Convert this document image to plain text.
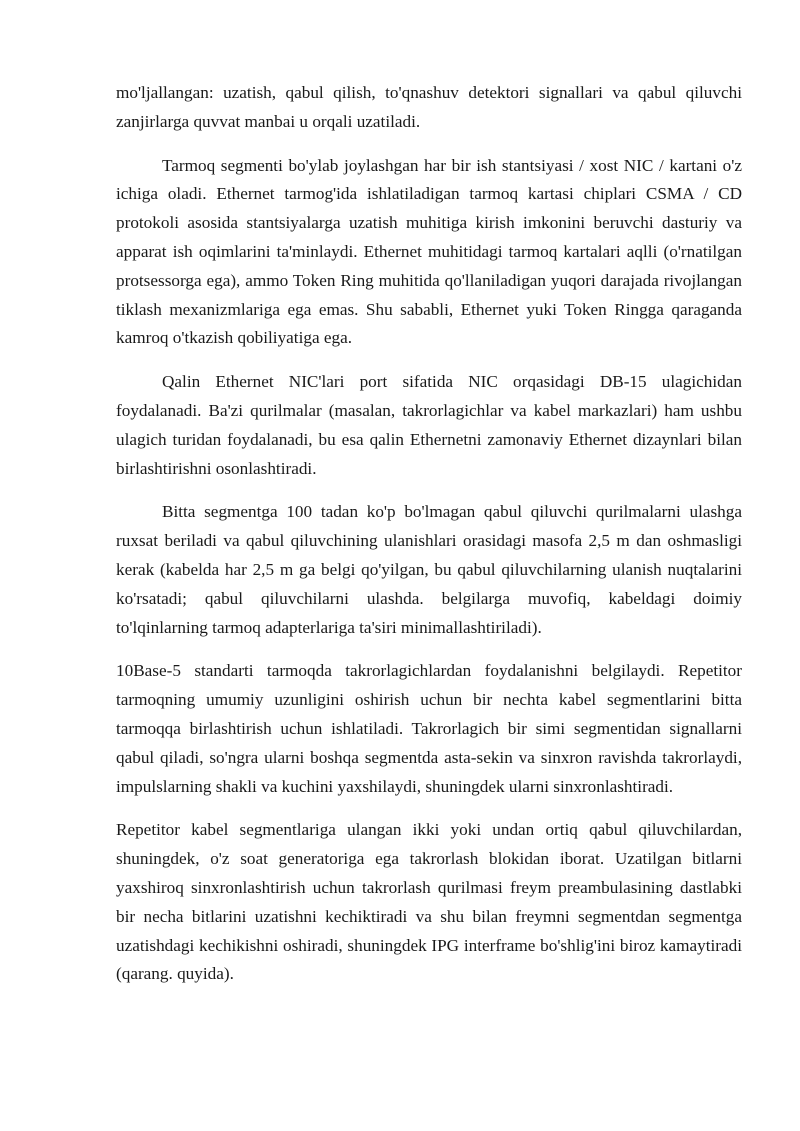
mo'ljallangan: uzatish, qabul qilish, to'qnashuv detektori signallari va qabul qiluvchi zanjirlarga quvvat manbai u orqali uzatiladi.

Tarmoq segmenti bo'ylab joylashgan har bir ish stantsiyasi / xost NIC / kartani o'z ichiga oladi. Ethernet tarmog'ida ishlatiladigan tarmoq kartasi chiplari CSMA / CD protokoli asosida stantsiyalarga uzatish muhitiga kirish imkonini beruvchi dasturiy va apparat ish oqimlarini ta'minlaydi. Ethernet muhitidagi tarmoq kartalari aqlli (o'rnatilgan protsessorga ega), ammo Token Ring muhitida qo'llaniladigan yuqori darajada rivojlangan tiklash mexanizmlariga ega emas. Shu sababli, Ethernet yuki Token Ringga qaraganda kamroq o'tkazish qobiliyatiga ega.

Qalin Ethernet NIC'lari port sifatida NIC orqasidagi DB-15 ulagichidan foydalanadi. Ba'zi qurilmalar (masalan, takrorlagichlar va kabel markazlari) ham ushbu ulagich turidan foydalanadi, bu esa qalin Ethernetni zamonaviy Ethernet dizaynlari bilan birlashtirishni osonlashtiradi.

Bitta segmentga 100 tadan ko'p bo'lmagan qabul qiluvchi qurilmalarni ulashga ruxsat beriladi va qabul qiluvchining ulanishlari orasidagi masofa 2,5 m dan oshmasligi kerak (kabelda har 2,5 m ga belgi qo'yilgan, bu qabul qiluvchilarning ulanish nuqtalarini ko'rsatadi; qabul qiluvchilarni ulashda. belgilarga muvofiq, kabeldagi doimiy to'lqinlarning tarmoq adapterlariga ta'siri minimallashtiriladi).

10Base-5 standarti tarmoqda takrorlagichlardan foydalanishni belgilaydi. Repetitor tarmoqning umumiy uzunligini oshirish uchun bir nechta kabel segmentlarini bitta tarmoqqa birlashtirish uchun ishlatiladi. Takrorlagich bir simi segmentidan signallarni qabul qiladi, so'ngra ularni boshqa segmentda asta-sekin va sinxron ravishda takrorlaydi, impulslarning shakli va kuchini yaxshilaydi, shuningdek ularni sinxronlashtiradi.

Repetitor kabel segmentlariga ulangan ikki yoki undan ortiq qabul qiluvchilardan, shuningdek, o'z soat generatoriga ega takrorlash blokidan iborat. Uzatilgan bitlarni yaxshiroq sinxronlashtirish uchun takrorlash qurilmasi freym preambulasining dastlabki bir necha bitlarini uzatishni kechiktiradi va shu bilan freymni segmentdan segmentga uzatishdagi kechikishni oshiradi, shuningdek IPG interframe bo'shlig'ini biroz kamaytiradi (qarang. quyida).
